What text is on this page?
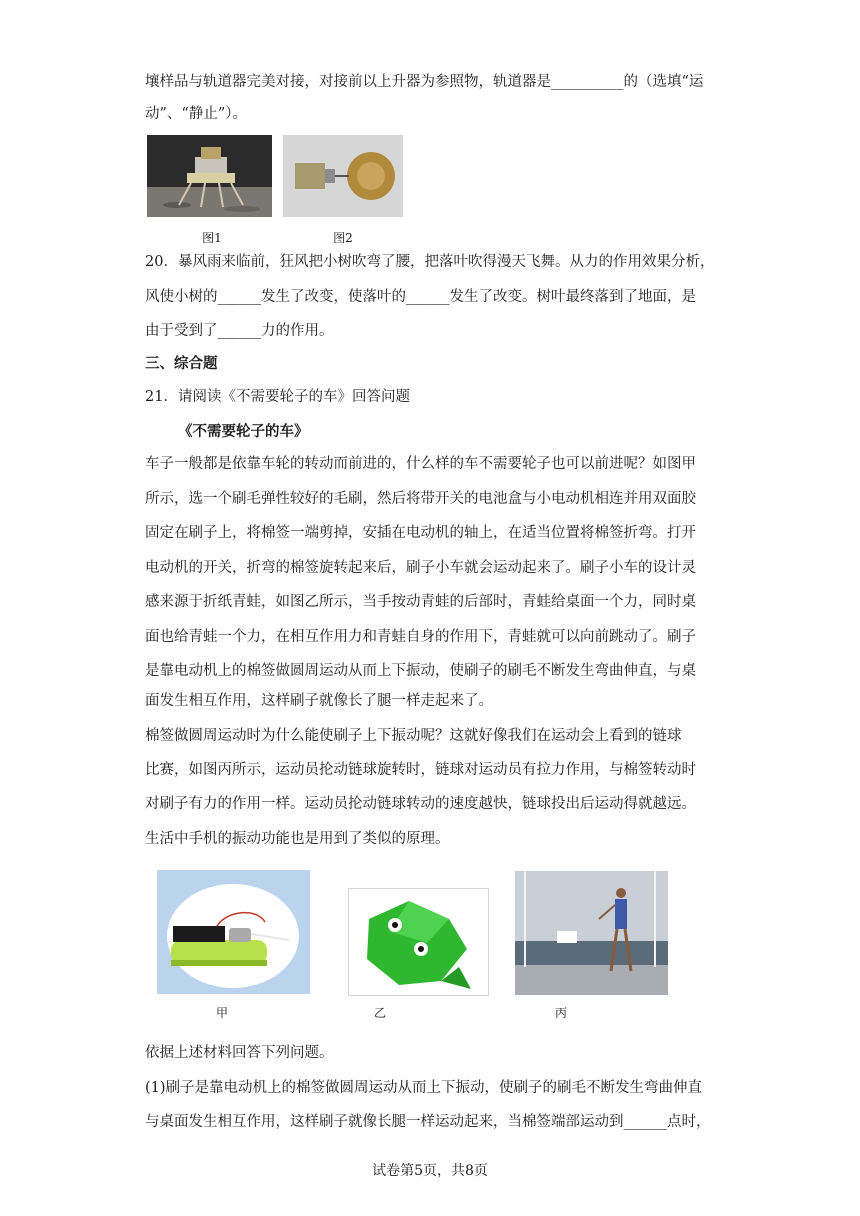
壤样品与轨道器完美对接，对接前以上升器为参照物，轨道器是__________的（选填“运
动”、“静止”）。
图1	图2
20．暴风雨来临前，狂风把小树吹弯了腰，把落叶吹得漫天飞舞。从力的作用效果分析，
风使小树的______发生了改变，使落叶的______发生了改变。树叶最终落到了地面，是
由于受到了______力的作用。
三、综合题
21．请阅读《不需要轮子的车》回答问题
《不需要轮子的车》
车子一般都是依靠车轮的转动而前进的，什么样的车不需要轮子也可以前进呢？如图甲
所示，选一个刷毛弹性较好的毛刷，然后将带开关的电池盒与小电动机相连并用双面胶
固定在刷子上，将棉签一端剪掉，安插在电动机的轴上，在适当位置将棉签折弯。打开
电动机的开关，折弯的棉签旋转起来后，刷子小车就会运动起来了。刷子小车的设计灵
感来源于折纸青蛙，如图乙所示，当手按动青蛙的后部时，青蛙给桌面一个力，同时桌
面也给青蛙一个力，在相互作用力和青蛙自身的作用下，青蛙就可以向前跳动了。刷子
是靠电动机上的棉签做圆周运动从而上下振动，使刷子的刷毛不断发生弯曲伸直，与桌
面发生相互作用，这样刷子就像长了腿一样走起来了。
棉签做圆周运动时为什么能使刷子上下振动呢？这就好像我们在运动会上看到的链球
比赛，如图丙所示，运动员抡动链球旋转时，链球对运动员有拉力作用，与棉签转动时
对刷子有力的作用一样。运动员抡动链球转动的速度越快，链球投出后运动得就越远。
生活中手机的振动功能也是用到了类似的原理。
甲	乙	丙
依据上述材料回答下列问题。
(1)刷子是靠电动机上的棉签做圆周运动从而上下振动，使刷子的刷毛不断发生弯曲伸直
与桌面发生相互作用，这样刷子就像长腿一样运动起来，当棉签端部运动到______点时，
试卷第5页，共8页
